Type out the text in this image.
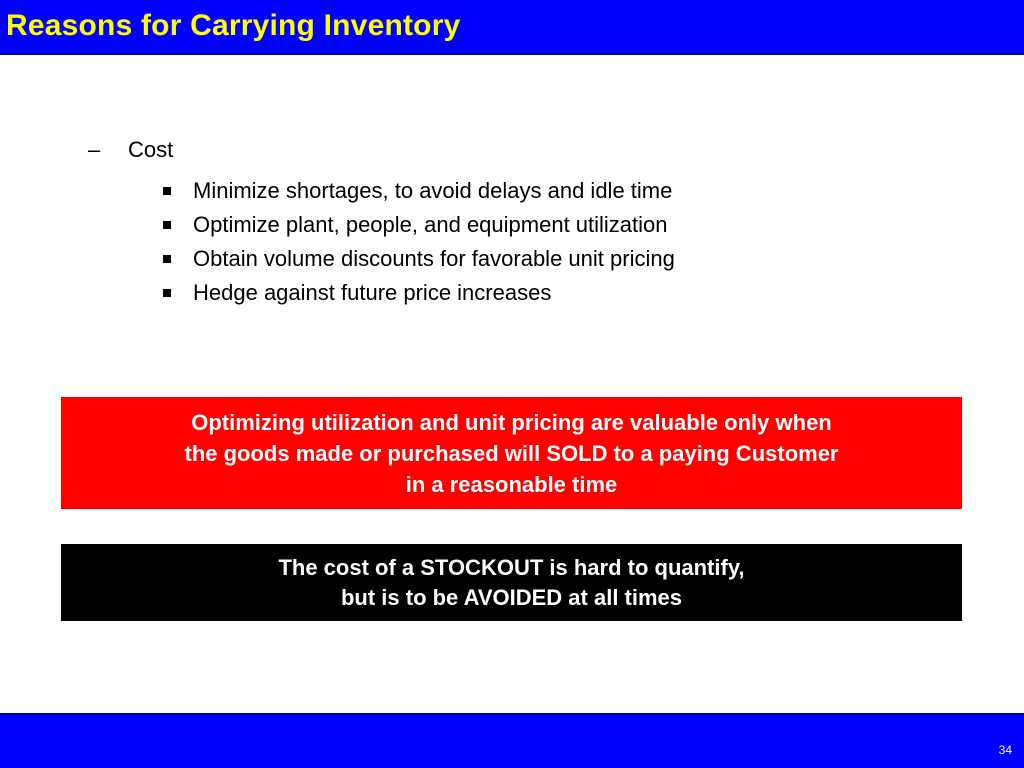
Reasons for Carrying Inventory
– Cost
Minimize shortages, to avoid delays and idle time
Optimize plant, people, and equipment utilization
Obtain volume discounts for favorable unit pricing
Hedge against future price increases
Optimizing utilization and unit pricing are valuable only when
the goods made or purchased will SOLD to a paying Customer
in a reasonable time
The cost of a STOCKOUT is hard to quantify,
but is to be AVOIDED at all times
34
